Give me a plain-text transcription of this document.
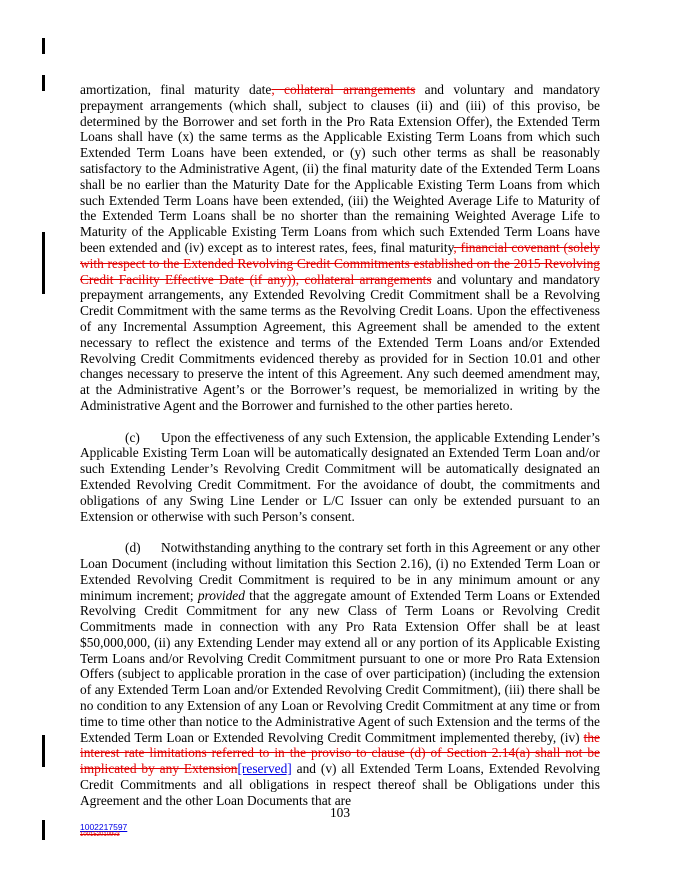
amortization, final maturity date, collateral arrangements and voluntary and mandatory prepayment arrangements (which shall, subject to clauses (ii) and (iii) of this proviso, be determined by the Borrower and set forth in the Pro Rata Extension Offer), the Extended Term Loans shall have (x) the same terms as the Applicable Existing Term Loans from which such Extended Term Loans have been extended, or (y) such other terms as shall be reasonably satisfactory to the Administrative Agent, (ii) the final maturity date of the Extended Term Loans shall be no earlier than the Maturity Date for the Applicable Existing Term Loans from which such Extended Term Loans have been extended, (iii) the Weighted Average Life to Maturity of the Extended Term Loans shall be no shorter than the remaining Weighted Average Life to Maturity of the Applicable Existing Term Loans from which such Extended Term Loans have been extended and (iv) except as to interest rates, fees, final maturity, financial covenant (solely with respect to the Extended Revolving Credit Commitments established on the 2015 Revolving Credit Facility Effective Date (if any)), collateral arrangements and voluntary and mandatory prepayment arrangements, any Extended Revolving Credit Commitment shall be a Revolving Credit Commitment with the same terms as the Revolving Credit Loans. Upon the effectiveness of any Incremental Assumption Agreement, this Agreement shall be amended to the extent necessary to reflect the existence and terms of the Extended Term Loans and/or Extended Revolving Credit Commitments evidenced thereby as provided for in Section 10.01 and other changes necessary to preserve the intent of this Agreement. Any such deemed amendment may, at the Administrative Agent’s or the Borrower’s request, be memorialized in writing by the Administrative Agent and the Borrower and furnished to the other parties hereto.

(c) Upon the effectiveness of any such Extension, the applicable Extending Lender’s Applicable Existing Term Loan will be automatically designated an Extended Term Loan and/or such Extending Lender’s Revolving Credit Commitment will be automatically designated an Extended Revolving Credit Commitment. For the avoidance of doubt, the commitments and obligations of any Swing Line Lender or L/C Issuer can only be extended pursuant to an Extension or otherwise with such Person’s consent.

(d) Notwithstanding anything to the contrary set forth in this Agreement or any other Loan Document (including without limitation this Section 2.16), (i) no Extended Term Loan or Extended Revolving Credit Commitment is required to be in any minimum amount or any minimum increment; provided that the aggregate amount of Extended Term Loans or Extended Revolving Credit Commitment for any new Class of Term Loans or Revolving Credit Commitments made in connection with any Pro Rata Extension Offer shall be at least $50,000,000, (ii) any Extending Lender may extend all or any portion of its Applicable Existing Term Loans and/or Revolving Credit Commitment pursuant to one or more Pro Rata Extension Offers (subject to applicable proration in the case of over participation) (including the extension of any Extended Term Loan and/or Extended Revolving Credit Commitment), (iii) there shall be no condition to any Extension of any Loan or Revolving Credit Commitment at any time or from time to time other than notice to the Administrative Agent of such Extension and the terms of the Extended Term Loan or Extended Revolving Credit Commitment implemented thereby, (iv) the interest rate limitations referred to in the proviso to clause (d) of Section 2.14(a) shall not be implicated by any Extension[reserved] and (v) all Extended Term Loans, Extended Revolving Credit Commitments and all obligations in respect thereof shall be Obligations under this Agreement and the other Loan Documents that are

103
1002217597
1001520109v3
